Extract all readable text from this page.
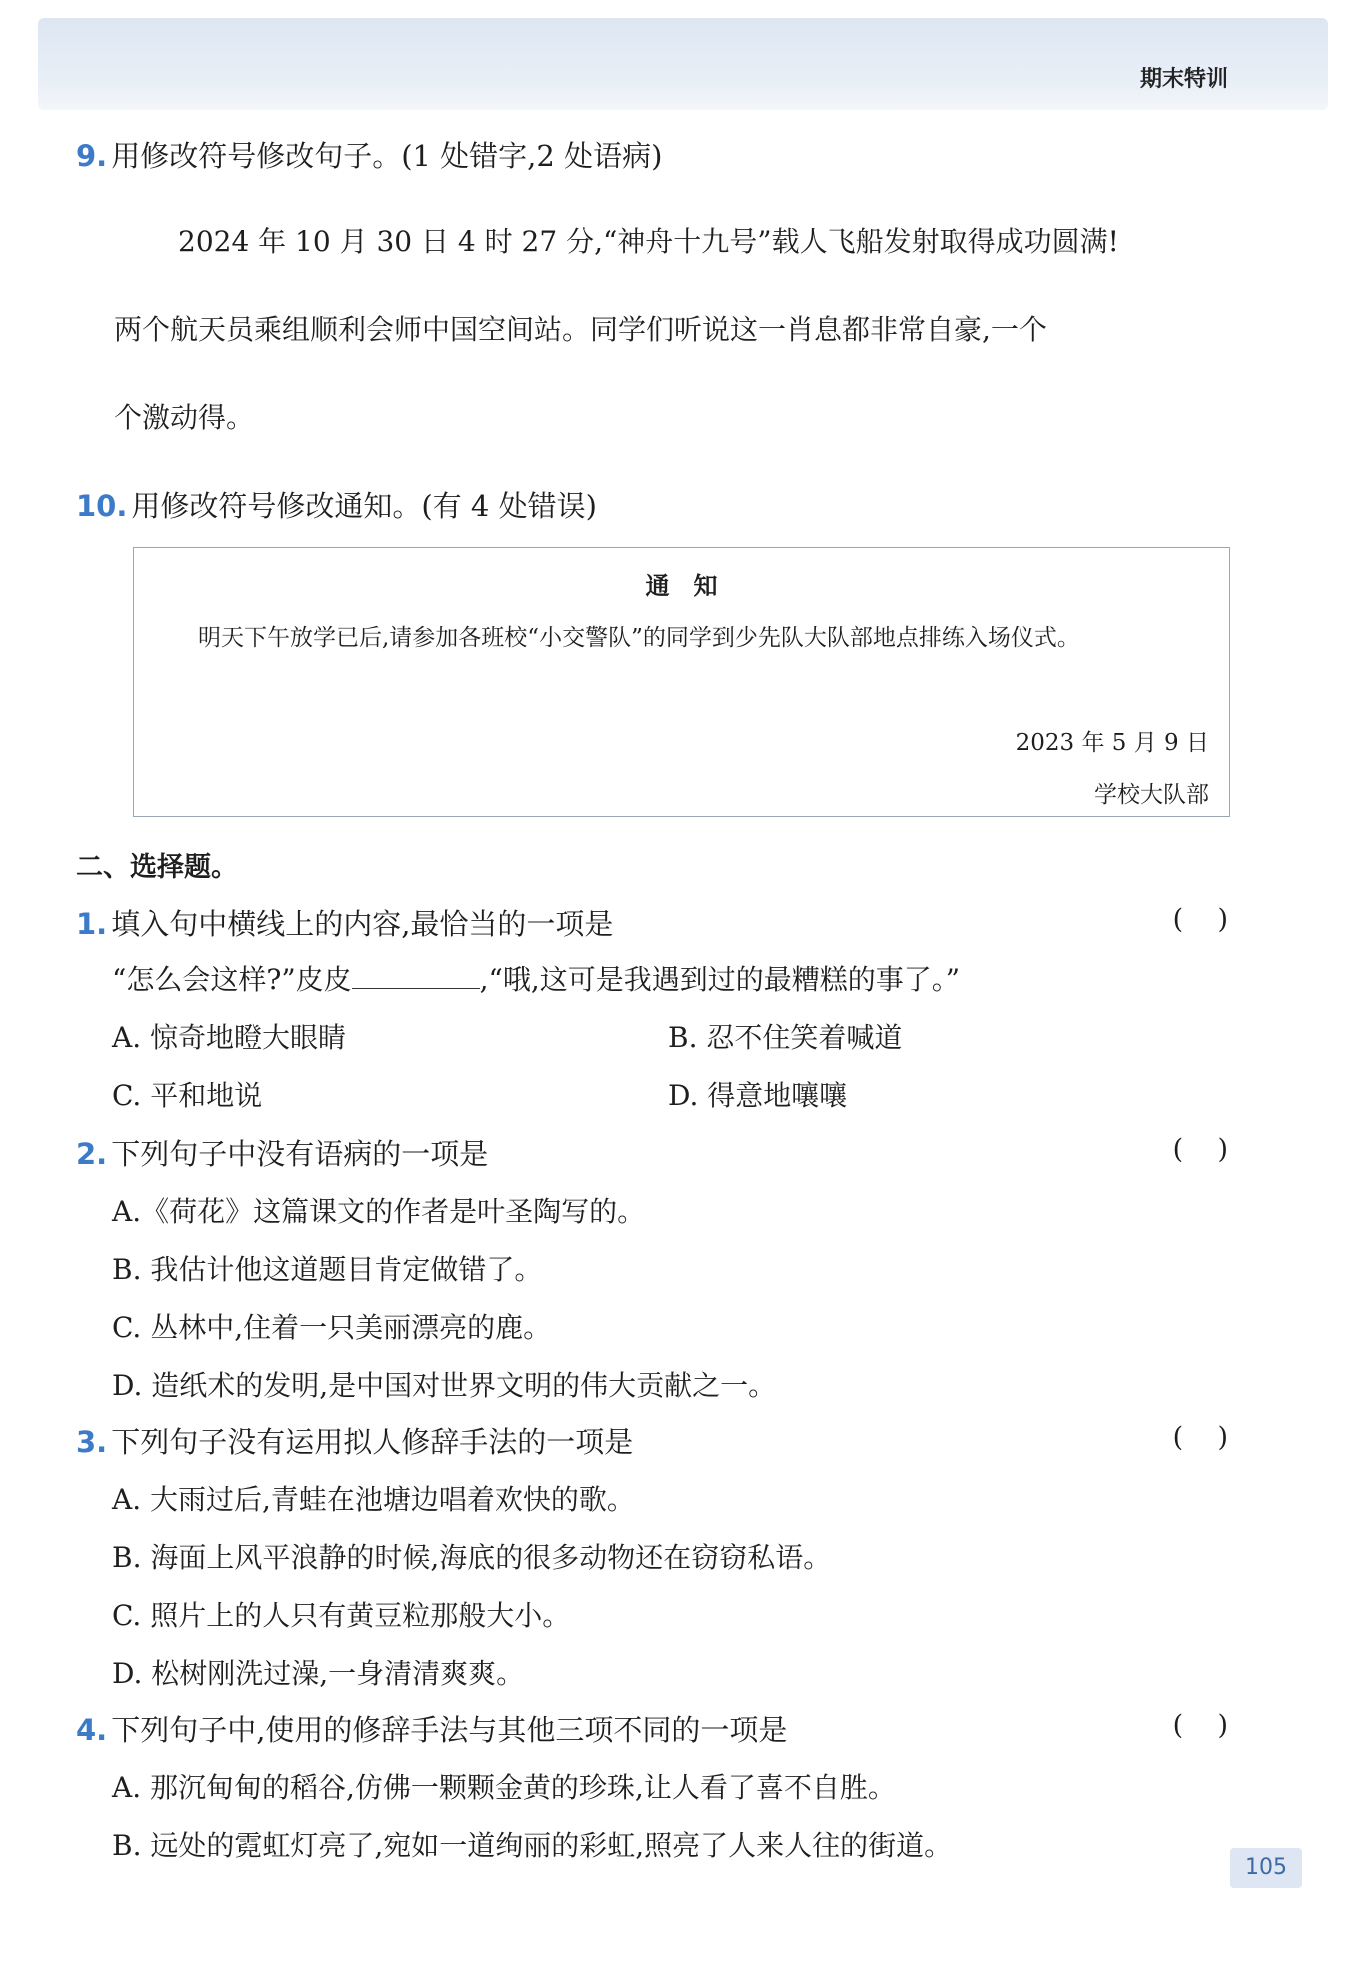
期末特训
9. 用修改符号修改句子。(1 处错字,2 处语病)
2024 年 10 月 30 日 4 时 27 分,“神舟十九号”载人飞船发射取得成功圆满!
两个航天员乘组顺利会师中国空间站。同学们听说这一肖息都非常自豪,一个
个激动得。
10. 用修改符号修改通知。(有 4 处错误)
通知
明天下午放学已后,请参加各班校“小交警队”的同学到少先队大队部地点排练入场仪式。
2023 年 5 月 9 日
学校大队部
二、选择题。
1. 填入句中横线上的内容,最恰当的一项是	(    )
“怎么会这样?”皮皮	,“哦,这可是我遇到过的最糟糕的事了。”
A. 惊奇地瞪大眼睛	B. 忍不住笑着喊道
C. 平和地说	D. 得意地嚷嚷
2. 下列句子中没有语病的一项是	(    )
A.《荷花》这篇课文的作者是叶圣陶写的。
B. 我估计他这道题目肯定做错了。
C. 丛林中,住着一只美丽漂亮的鹿。
D. 造纸术的发明,是中国对世界文明的伟大贡献之一。
3. 下列句子没有运用拟人修辞手法的一项是	(    )
A. 大雨过后,青蛙在池塘边唱着欢快的歌。
B. 海面上风平浪静的时候,海底的很多动物还在窃窃私语。
C. 照片上的人只有黄豆粒那般大小。
D. 松树刚洗过澡,一身清清爽爽。
4. 下列句子中,使用的修辞手法与其他三项不同的一项是	(    )
A. 那沉甸甸的稻谷,仿佛一颗颗金黄的珍珠,让人看了喜不自胜。
B. 远处的霓虹灯亮了,宛如一道绚丽的彩虹,照亮了人来人往的街道。
105
